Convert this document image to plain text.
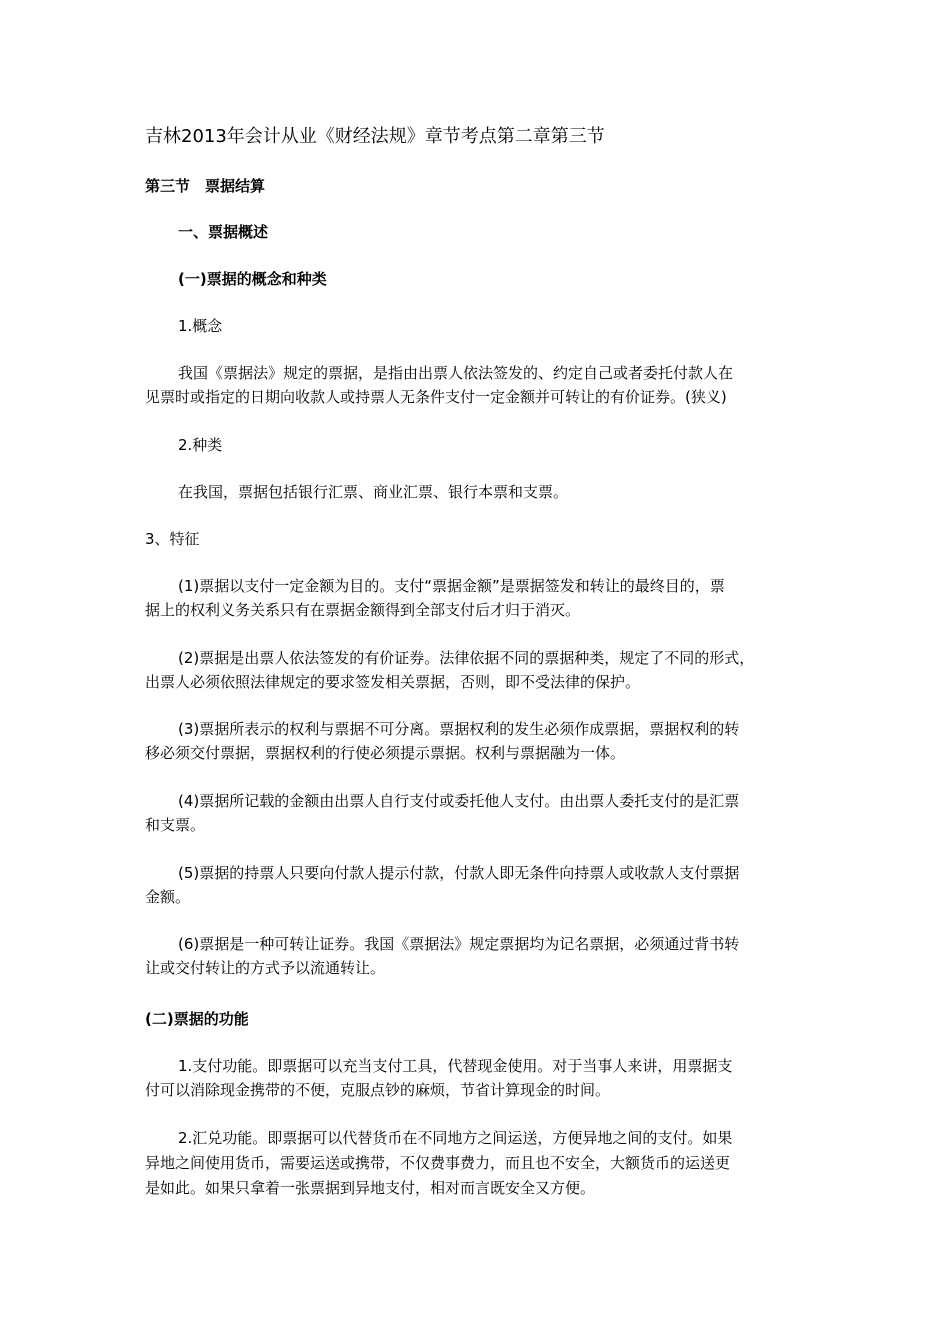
吉林2013年会计从业《财经法规》章节考点第二章第三节

第三节　票据结算

一、票据概述

(一)票据的概念和种类

1.概念

我国《票据法》规定的票据，是指由出票人依法签发的、约定自己或者委托付款人在

见票时或指定的日期向收款人或持票人无条件支付一定金额并可转让的有价证券。(狭义)

2.种类

在我国，票据包括银行汇票、商业汇票、银行本票和支票。

3、特征

(1)票据以支付一定金额为目的。支付“票据金额”是票据签发和转让的最终目的，票

据上的权利义务关系只有在票据金额得到全部支付后才归于消灭。

(2)票据是出票人依法签发的有价证券。法律依据不同的票据种类，规定了不同的形式，

出票人必须依照法律规定的要求签发相关票据，否则，即不受法律的保护。

(3)票据所表示的权利与票据不可分离。票据权利的发生必须作成票据，票据权利的转

移必须交付票据，票据权利的行使必须提示票据。权利与票据融为一体。

(4)票据所记载的金额由出票人自行支付或委托他人支付。由出票人委托支付的是汇票

和支票。

(5)票据的持票人只要向付款人提示付款，付款人即无条件向持票人或收款人支付票据

金额。

(6)票据是一种可转让证券。我国《票据法》规定票据均为记名票据，必须通过背书转

让或交付转让的方式予以流通转让。

(二)票据的功能

1.支付功能。即票据可以充当支付工具，代替现金使用。对于当事人来讲，用票据支

付可以消除现金携带的不便，克服点钞的麻烦，节省计算现金的时间。

2.汇兑功能。即票据可以代替货币在不同地方之间运送，方便异地之间的支付。如果

异地之间使用货币，需要运送或携带，不仅费事费力，而且也不安全，大额货币的运送更

是如此。如果只拿着一张票据到异地支付，相对而言既安全又方便。
